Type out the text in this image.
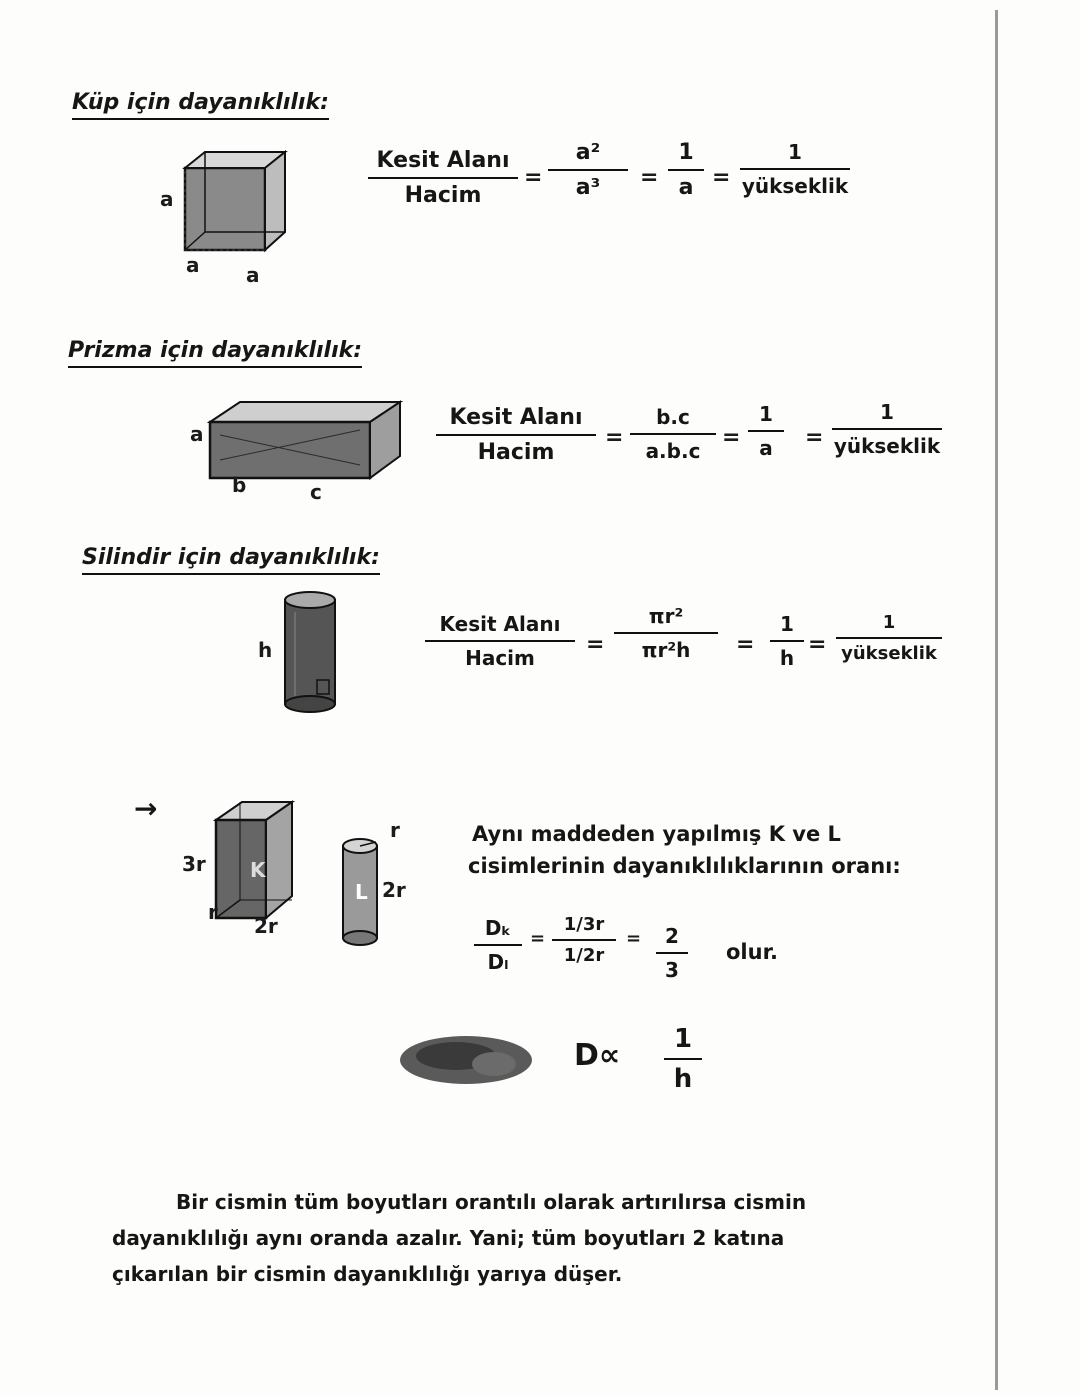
Küp için dayanıklılık:
a
a a
Kesit Alanı
Hacim
=
a²
a³	=
1
a =
1
yükseklik
Prizma için dayanıklılık:
a
b	c
Kesit Alanı
Hacim
=
b.c
a.b.c
=
1
a	=
1
yükseklik
Silindir için dayanıklılık:
h
Kesit Alanı
Hacim
=
πr²
πr²h	=
1
h
=
1
yükseklik
→
K
3r
r
2r
L
r
2r
Aynı maddeden yapılmış K ve L
cisimlerinin dayanıklılıklarının oranı:
Dₖ
Dₗ
=
1/3r
1/2r
=	2
3
olur.
D∝	1
h
Bir cismin tüm boyutları orantılı olarak artırılırsa cismin
dayanıklılığı aynı oranda azalır. Yani; tüm boyutları 2 katına
çıkarılan bir cismin dayanıklılığı yarıya düşer.
